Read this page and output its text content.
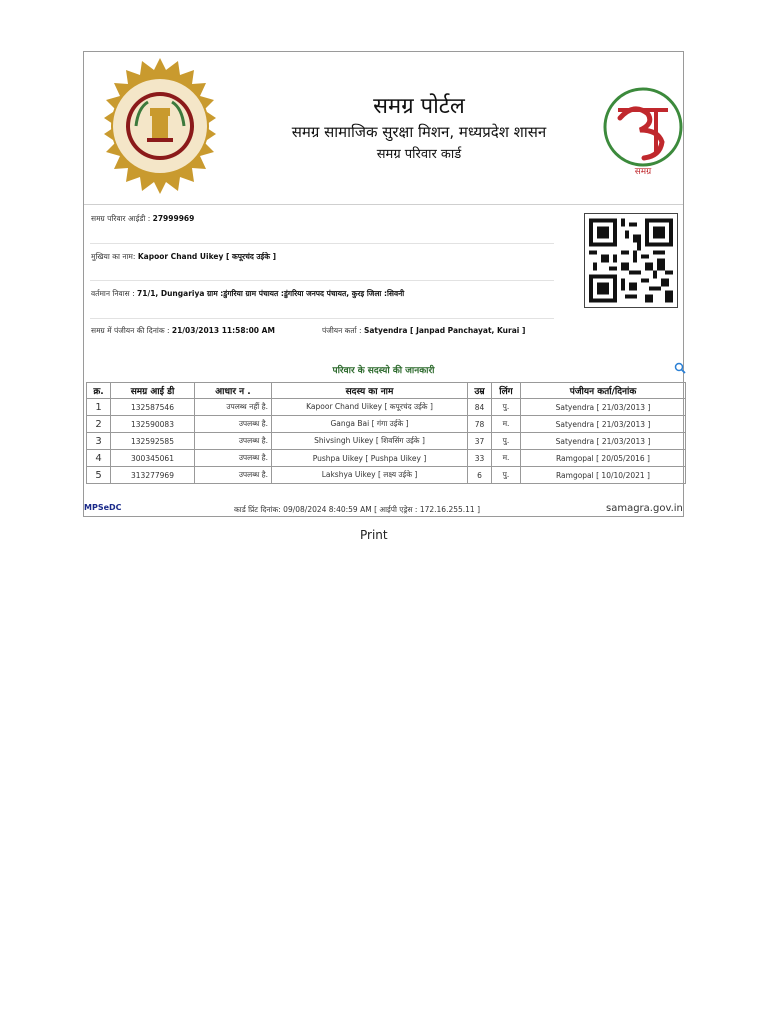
समग्र पोर्टल
समग्र सामाजिक सुरक्षा मिशन, मध्यप्रदेश शासन
समग्र परिवार कार्ड
समग्र
समग्र परिवार आईडी : 27999969
मुखिया का नाम: Kapoor Chand Uikey [ कपूरचंद उईके ]
वर्तमान निवास : 71/1, Dungariya ग्राम :डुंगरिया ग्राम पंचायत :डुंगरिया जनपद पंचायत, कुरइ जिला :सिवनी
समग्र में पंजीयन की दिनांक : 21/03/2013 11:58:00 AM	पंजीयन कर्ता : Satyendra [ Janpad Panchayat, Kurai ]
परिवार के सदस्यो की जानकारी
क्र.	समग्र आई डी	आधार न .	सदस्य का नाम	उम्र	लिंग	पंजीयन कर्ता/दिनांक
1	132587546	उपलब्ध नहीं है.	Kapoor Chand Uikey [ कपूरचंद उईके ]	84	पु.	Satyendra [ 21/03/2013 ]
2	132590083	उपलब्ध है.	Ganga Bai [ गंगा उईके ]	78	म.	Satyendra [ 21/03/2013 ]
3	132592585	उपलब्ध है.	Shivsingh Uikey [ शिवसिंग उईके ]	37	पु.	Satyendra [ 21/03/2013 ]
4	300345061	उपलब्ध है.	Pushpa Uikey [ Pushpa Uikey ]	33	म.	Ramgopal [ 20/05/2016 ]
5	313277969	उपलब्ध है.	Lakshya Uikey [ लक्ष्य उईके ]	6	पु.	Ramgopal [ 10/10/2021 ]
MPSeDC	कार्ड प्रिंट दिनांक: 09/08/2024 8:40:59 AM [ आईपी एड्रेस : 172.16.255.11 ]	samagra.gov.in
Print
